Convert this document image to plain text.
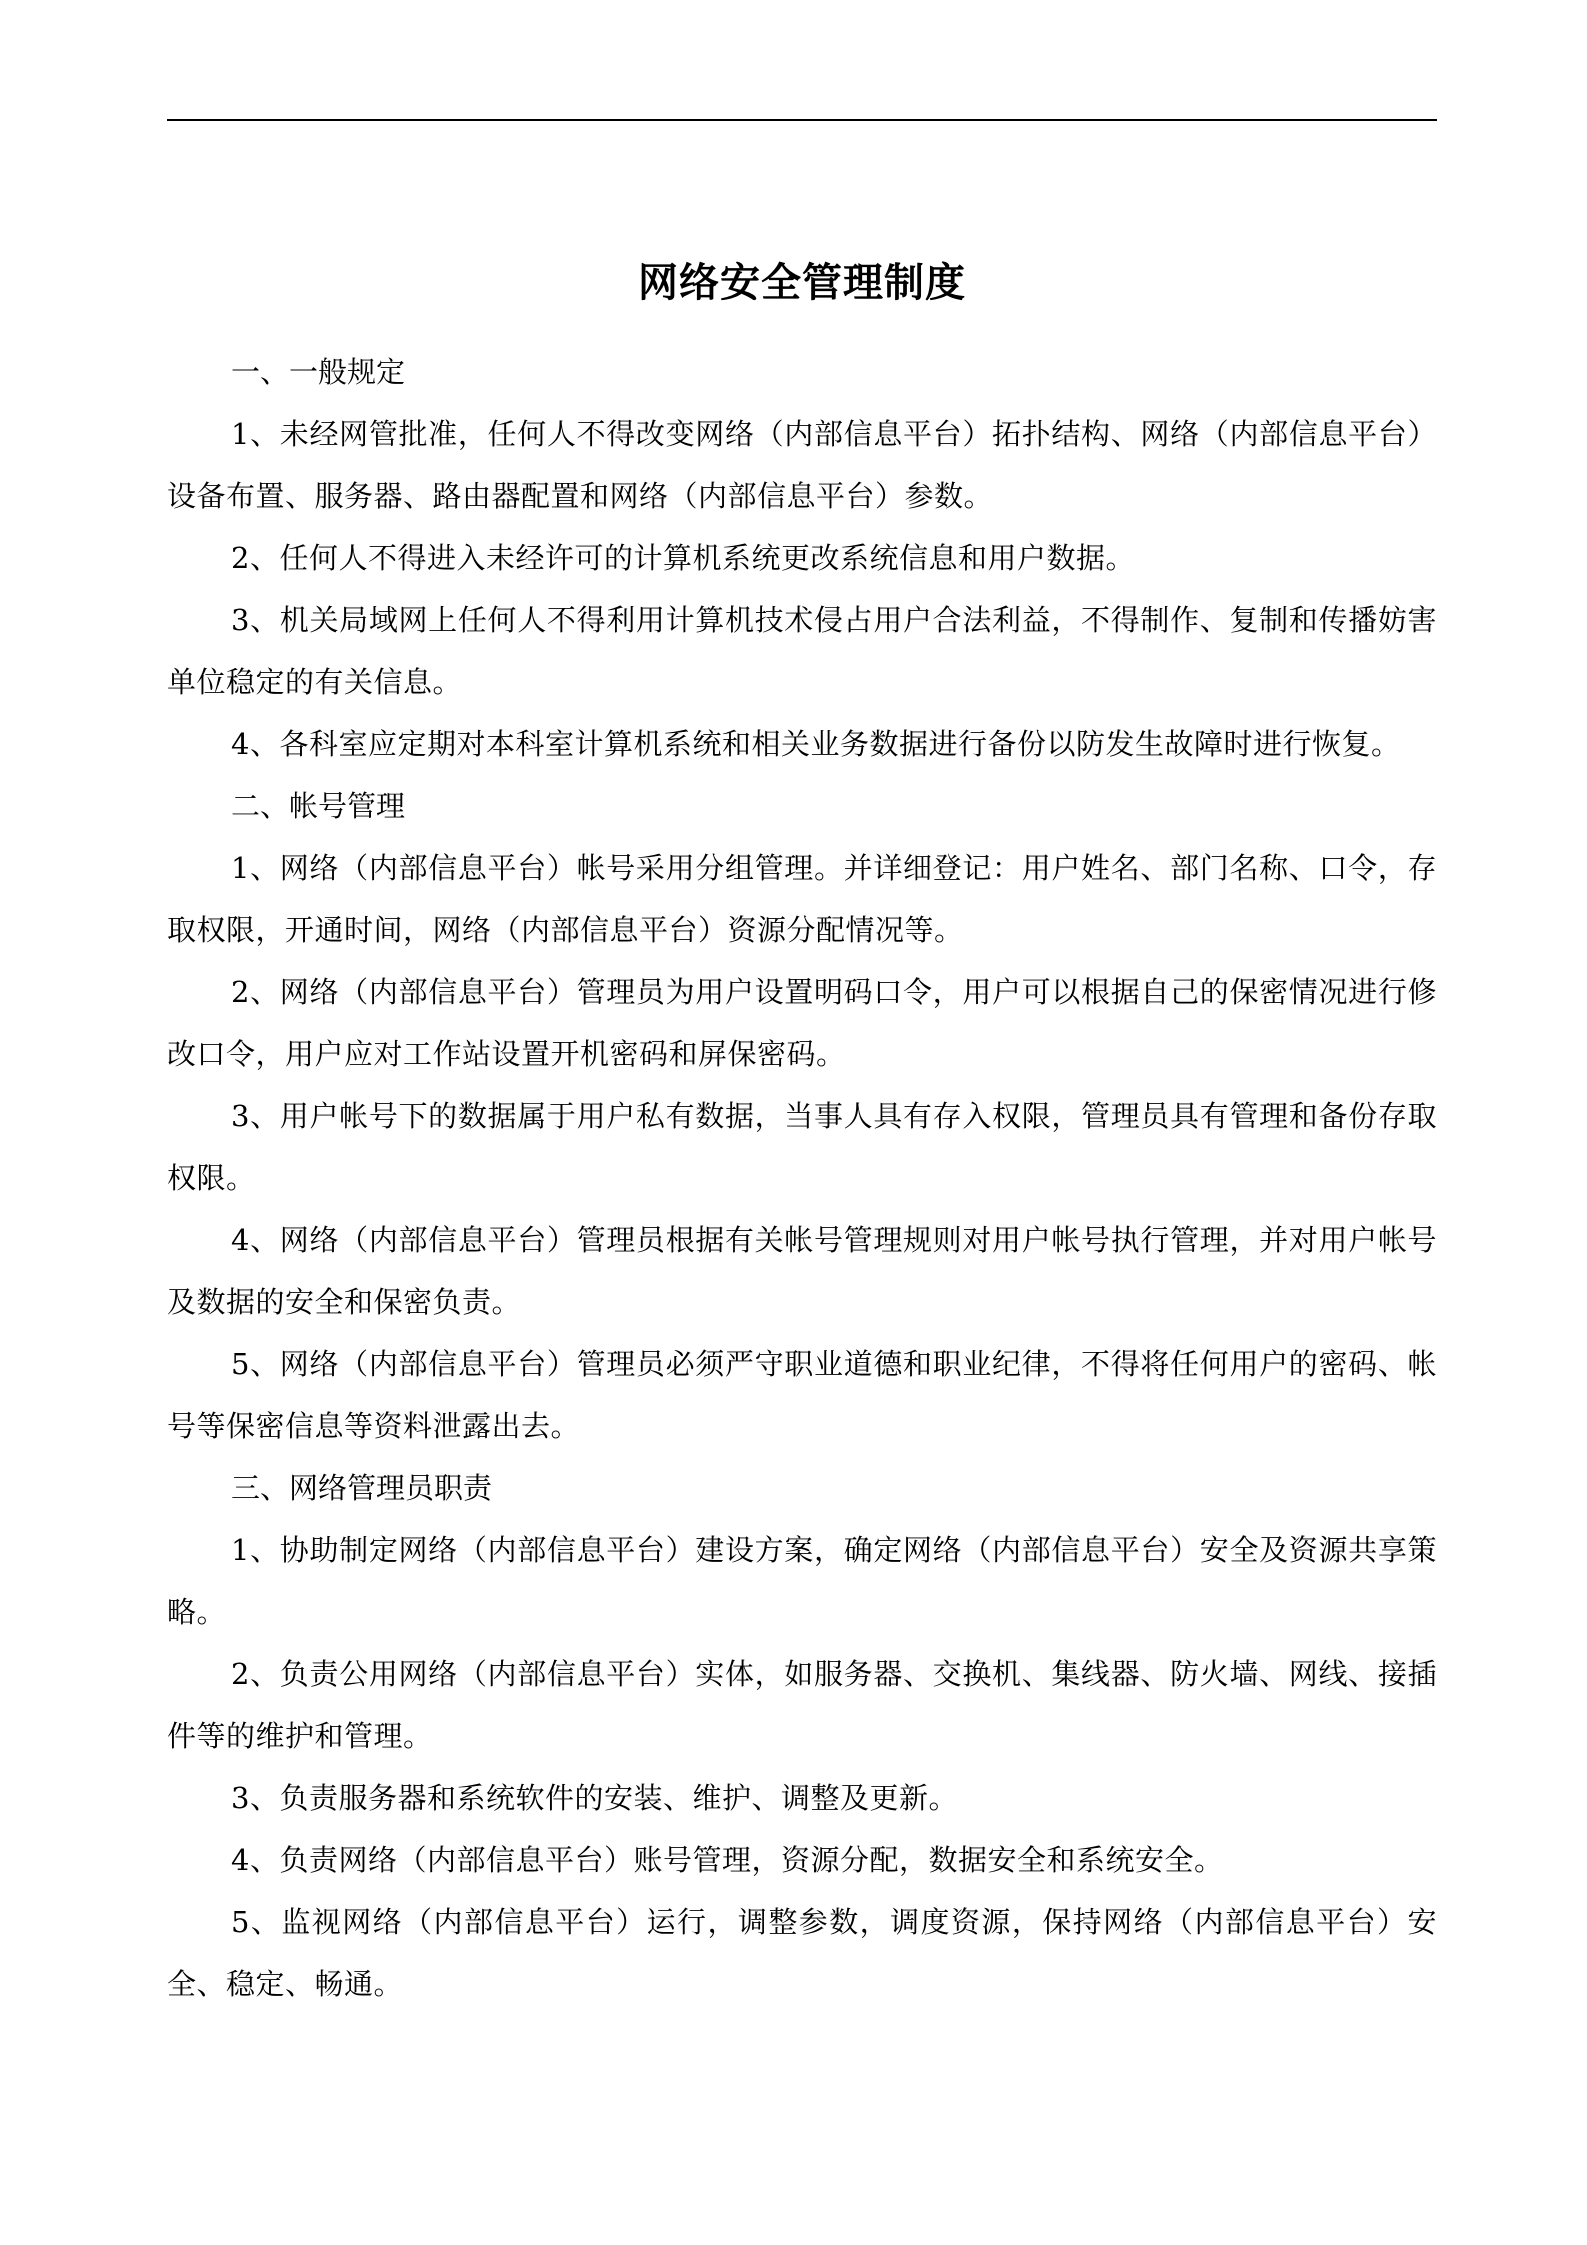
网络安全管理制度

一、一般规定

1、未经网管批准，任何人不得改变网络（内部信息平台）拓扑结构、网络（内部信息平台）设备布置、服务器、路由器配置和网络（内部信息平台）参数。

2、任何人不得进入未经许可的计算机系统更改系统信息和用户数据。

3、机关局域网上任何人不得利用计算机技术侵占用户合法利益，不得制作、复制和传播妨害单位稳定的有关信息。

4、各科室应定期对本科室计算机系统和相关业务数据进行备份以防发生故障时进行恢复。

二、帐号管理

1、网络（内部信息平台）帐号采用分组管理。并详细登记：用户姓名、部门名称、口令，存取权限，开通时间，网络（内部信息平台）资源分配情况等。

2、网络（内部信息平台）管理员为用户设置明码口令，用户可以根据自己的保密情况进行修改口令，用户应对工作站设置开机密码和屏保密码。

3、用户帐号下的数据属于用户私有数据，当事人具有存入权限，管理员具有管理和备份存取权限。

4、网络（内部信息平台）管理员根据有关帐号管理规则对用户帐号执行管理，并对用户帐号及数据的安全和保密负责。

5、网络（内部信息平台）管理员必须严守职业道德和职业纪律，不得将任何用户的密码、帐号等保密信息等资料泄露出去。

三、网络管理员职责

1、协助制定网络（内部信息平台）建设方案，确定网络（内部信息平台）安全及资源共享策略。

2、负责公用网络（内部信息平台）实体，如服务器、交换机、集线器、防火墙、网线、接插件等的维护和管理。

3、负责服务器和系统软件的安装、维护、调整及更新。

4、负责网络（内部信息平台）账号管理，资源分配，数据安全和系统安全。

5、监视网络（内部信息平台）运行，调整参数，调度资源，保持网络（内部信息平台）安全、稳定、畅通。
